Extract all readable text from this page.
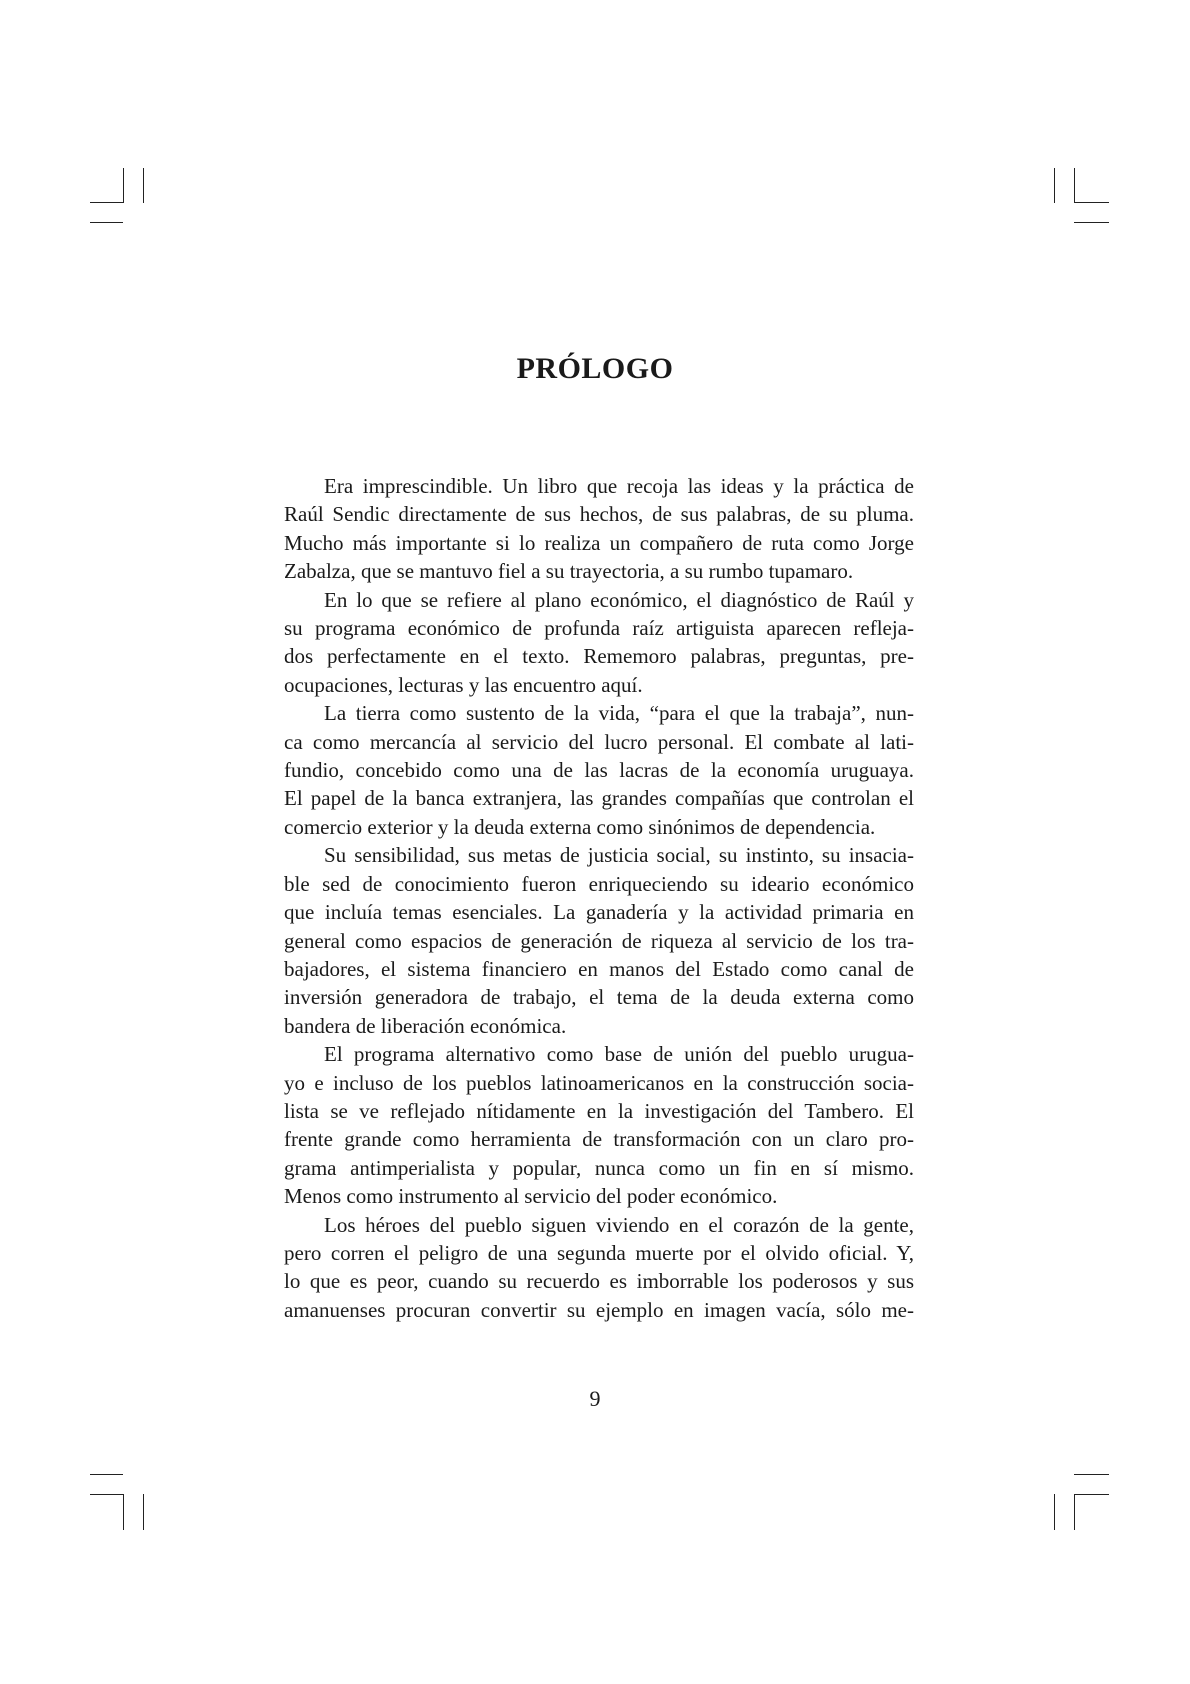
PRÓLOGO

Era imprescindible. Un libro que recoja las ideas y la práctica de
Raúl Sendic directamente de sus hechos, de sus palabras, de su pluma.
Mucho más importante si lo realiza un compañero de ruta como Jorge
Zabalza, que se mantuvo fiel a su trayectoria, a su rumbo tupamaro.

En lo que se refiere al plano económico, el diagnóstico de Raúl y
su programa económico de profunda raíz artiguista aparecen refleja-
dos perfectamente en el texto. Rememoro palabras, preguntas, pre-
ocupaciones, lecturas y las encuentro aquí.

La tierra como sustento de la vida, “para el que la trabaja”, nun-
ca como mercancía al servicio del lucro personal. El combate al lati-
fundio, concebido como una de las lacras de la economía uruguaya.
El papel de la banca extranjera, las grandes compañías que controlan el
comercio exterior y la deuda externa como sinónimos de dependencia.

Su sensibilidad, sus metas de justicia social, su instinto, su insacia-
ble sed de conocimiento fueron enriqueciendo su ideario económico
que incluía temas esenciales. La ganadería y la actividad primaria en
general como espacios de generación de riqueza al servicio de los tra-
bajadores, el sistema financiero en manos del Estado como canal de
inversión generadora de trabajo, el tema de la deuda externa como
bandera de liberación económica.

El programa alternativo como base de unión del pueblo urugua-
yo e incluso de los pueblos latinoamericanos en la construcción socia-
lista se ve reflejado nítidamente en la investigación del Tambero. El
frente grande como herramienta de transformación con un claro pro-
grama antimperialista y popular, nunca como un fin en sí mismo.
Menos como instrumento al servicio del poder económico.

Los héroes del pueblo siguen viviendo en el corazón de la gente,
pero corren el peligro de una segunda muerte por el olvido oficial. Y,
lo que es peor, cuando su recuerdo es imborrable los poderosos y sus
amanuenses procuran convertir su ejemplo en imagen vacía, sólo me-

9
